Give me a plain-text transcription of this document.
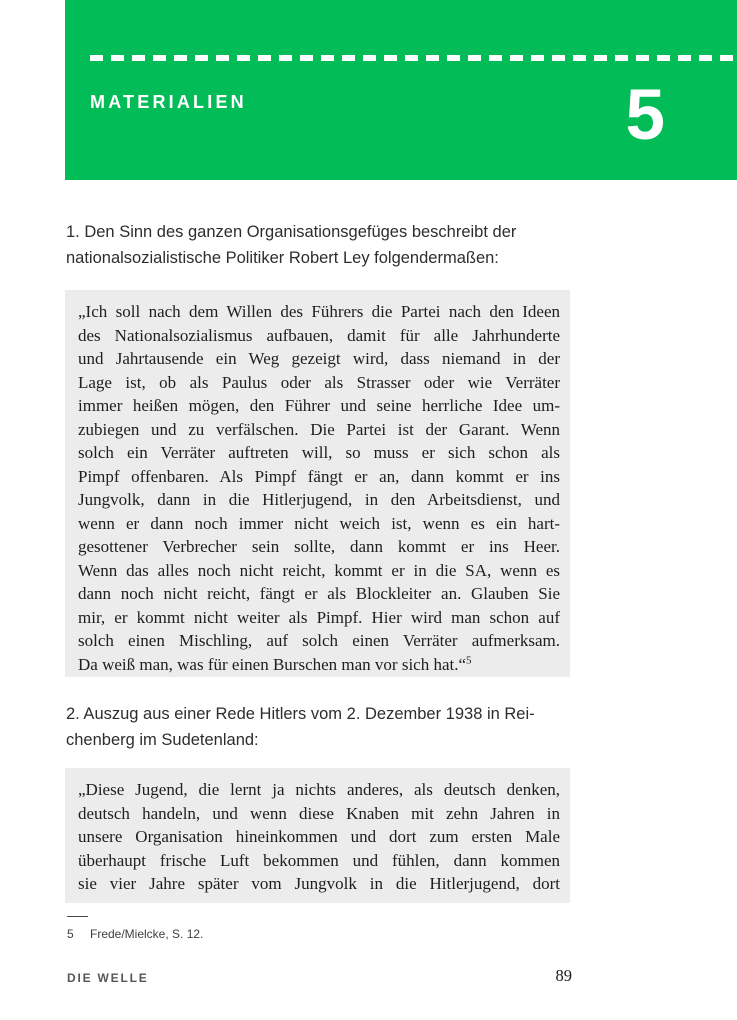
MATERIALIEN	5
1. Den Sinn des ganzen Organisationsgefüges beschreibt der
nationalsozialistische Politiker Robert Ley folgendermaßen:
„Ich soll nach dem Willen des Führers die Partei nach den Ideen
des Nationalsozialismus aufbauen, damit für alle Jahrhunderte
und Jahrtausende ein Weg gezeigt wird, dass niemand in der
Lage ist, ob als Paulus oder als Strasser oder wie Verräter
immer heißen mögen, den Führer und seine herrliche Idee um-
zubiegen und zu verfälschen. Die Partei ist der Garant. Wenn
solch ein Verräter auftreten will, so muss er sich schon als
Pimpf offenbaren. Als Pimpf fängt er an, dann kommt er ins
Jungvolk, dann in die Hitlerjugend, in den Arbeitsdienst, und
wenn er dann noch immer nicht weich ist, wenn es ein hart-
gesottener Verbrecher sein sollte, dann kommt er ins Heer.
Wenn das alles noch nicht reicht, kommt er in die SA, wenn es
dann noch nicht reicht, fängt er als Blockleiter an. Glauben Sie
mir, er kommt nicht weiter als Pimpf. Hier wird man schon auf
solch einen Mischling, auf solch einen Verräter aufmerksam.
Da weiß man, was für einen Burschen man vor sich hat.“$^5$
2. Auszug aus einer Rede Hitlers vom 2. Dezember 1938 in Rei-
chenberg im Sudetenland:
„Diese Jugend, die lernt ja nichts anderes, als deutsch denken,
deutsch handeln, und wenn diese Knaben mit zehn Jahren in
unsere Organisation hineinkommen und dort zum ersten Male
überhaupt frische Luft bekommen und fühlen, dann kommen
sie vier Jahre später vom Jungvolk in die Hitlerjugend, dort
5	Frede/Mielcke, S. 12.
DIE WELLE	89
